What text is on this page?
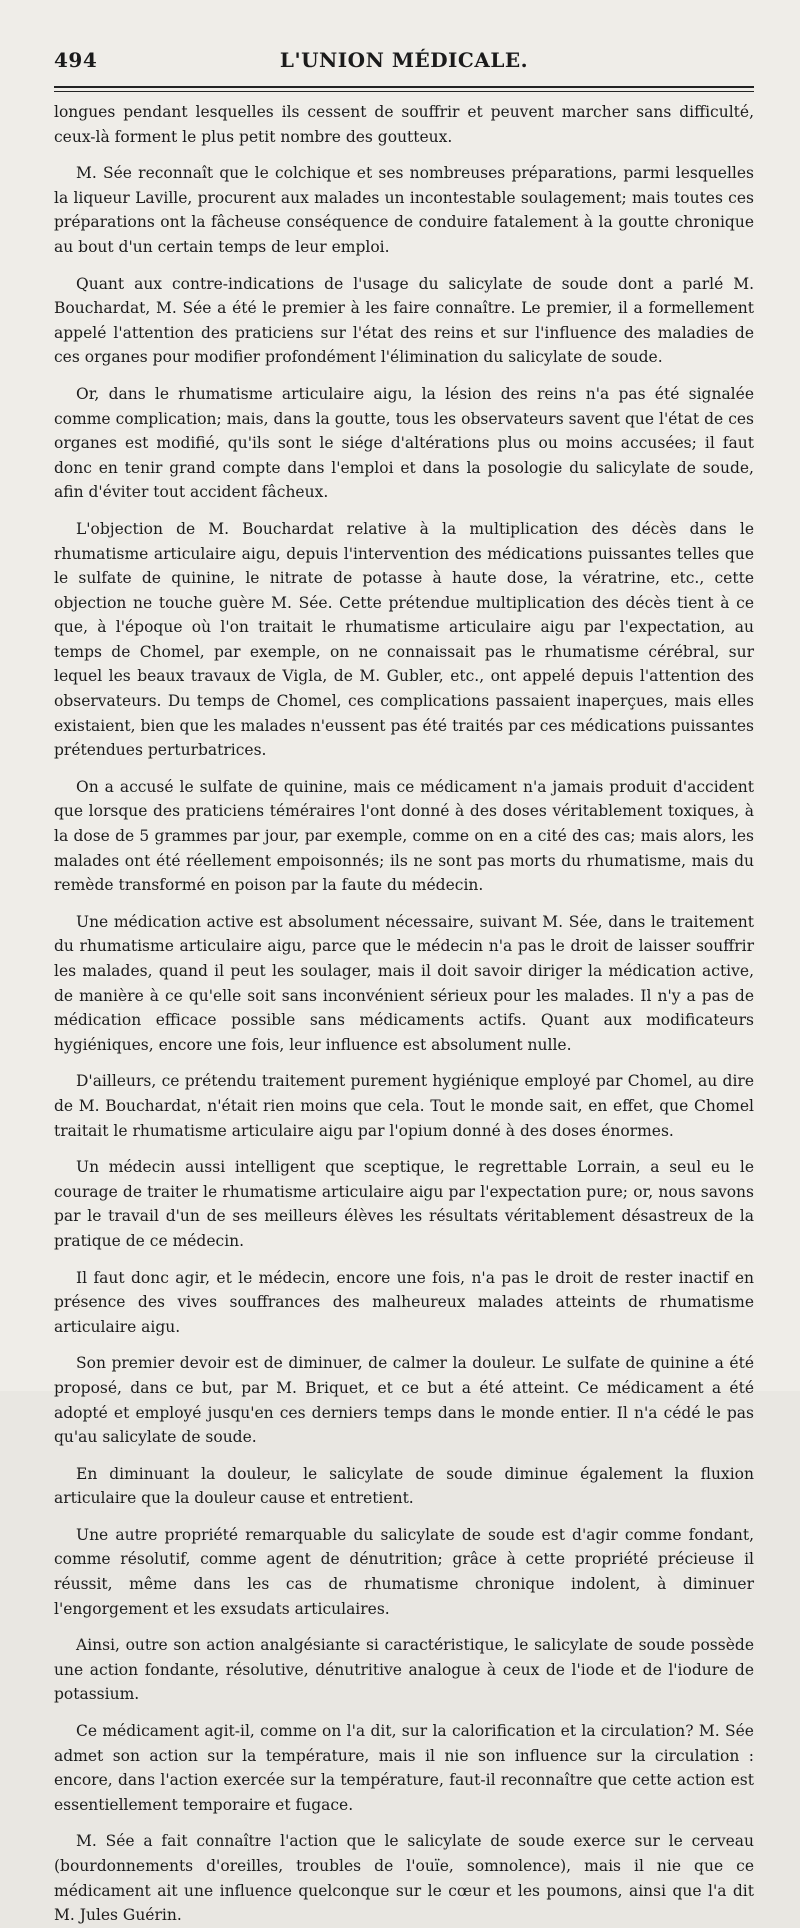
494	L'UNION MÉDICALE.

longues pendant lesquelles ils cessent de souffrir et peuvent marcher sans difficulté, ceux-là forment le plus petit nombre des goutteux.

M. Sée reconnaît que le colchique et ses nombreuses préparations, parmi lesquelles la liqueur Laville, procurent aux malades un incontestable soulagement; mais toutes ces préparations ont la fâcheuse conséquence de conduire fatalement à la goutte chronique au bout d'un certain temps de leur emploi.

Quant aux contre-indications de l'usage du salicylate de soude dont a parlé M. Bouchardat, M. Sée a été le premier à les faire connaître. Le premier, il a formellement appelé l'attention des praticiens sur l'état des reins et sur l'influence des maladies de ces organes pour modifier profondément l'élimination du salicylate de soude.

Or, dans le rhumatisme articulaire aigu, la lésion des reins n'a pas été signalée comme complication; mais, dans la goutte, tous les observateurs savent que l'état de ces organes est modifié, qu'ils sont le siége d'altérations plus ou moins accusées; il faut donc en tenir grand compte dans l'emploi et dans la posologie du salicylate de soude, afin d'éviter tout accident fâcheux.

L'objection de M. Bouchardat relative à la multiplication des décès dans le rhumatisme articulaire aigu, depuis l'intervention des médications puissantes telles que le sulfate de quinine, le nitrate de potasse à haute dose, la vératrine, etc., cette objection ne touche guère M. Sée. Cette prétendue multiplication des décès tient à ce que, à l'époque où l'on traitait le rhumatisme articulaire aigu par l'expectation, au temps de Chomel, par exemple, on ne connaissait pas le rhumatisme cérébral, sur lequel les beaux travaux de Vigla, de M. Gubler, etc., ont appelé depuis l'attention des observateurs. Du temps de Chomel, ces complications passaient inaperçues, mais elles existaient, bien que les malades n'eussent pas été traités par ces médications puissantes prétendues perturbatrices.

On a accusé le sulfate de quinine, mais ce médicament n'a jamais produit d'accident que lorsque des praticiens téméraires l'ont donné à des doses véritablement toxiques, à la dose de 5 grammes par jour, par exemple, comme on en a cité des cas; mais alors, les malades ont été réellement empoisonnés; ils ne sont pas morts du rhumatisme, mais du remède transformé en poison par la faute du médecin.

Une médication active est absolument nécessaire, suivant M. Sée, dans le traitement du rhumatisme articulaire aigu, parce que le médecin n'a pas le droit de laisser souffrir les malades, quand il peut les soulager, mais il doit savoir diriger la médication active, de manière à ce qu'elle soit sans inconvénient sérieux pour les malades. Il n'y a pas de médication efficace possible sans médicaments actifs. Quant aux modificateurs hygiéniques, encore une fois, leur influence est absolument nulle.

D'ailleurs, ce prétendu traitement purement hygiénique employé par Chomel, au dire de M. Bouchardat, n'était rien moins que cela. Tout le monde sait, en effet, que Chomel traitait le rhumatisme articulaire aigu par l'opium donné à des doses énormes.

Un médecin aussi intelligent que sceptique, le regrettable Lorrain, a seul eu le courage de traiter le rhumatisme articulaire aigu par l'expectation pure; or, nous savons par le travail d'un de ses meilleurs élèves les résultats véritablement désastreux de la pratique de ce médecin.

Il faut donc agir, et le médecin, encore une fois, n'a pas le droit de rester inactif en présence des vives souffrances des malheureux malades atteints de rhumatisme articulaire aigu.

Son premier devoir est de diminuer, de calmer la douleur. Le sulfate de quinine a été proposé, dans ce but, par M. Briquet, et ce but a été atteint. Ce médicament a été adopté et employé jusqu'en ces derniers temps dans le monde entier. Il n'a cédé le pas qu'au salicylate de soude.

En diminuant la douleur, le salicylate de soude diminue également la fluxion articulaire que la douleur cause et entretient.

Une autre propriété remarquable du salicylate de soude est d'agir comme fondant, comme résolutif, comme agent de dénutrition; grâce à cette propriété précieuse il réussit, même dans les cas de rhumatisme chronique indolent, à diminuer l'engorgement et les exsudats articulaires.

Ainsi, outre son action analgésiante si caractéristique, le salicylate de soude possède une action fondante, résolutive, dénutritive analogue à ceux de l'iode et de l'iodure de potassium.

Ce médicament agit-il, comme on l'a dit, sur la calorification et la circulation? M. Sée admet son action sur la température, mais il nie son influence sur la circulation : encore, dans l'action exercée sur la température, faut-il reconnaître que cette action est essentiellement temporaire et fugace.

M. Sée a fait connaître l'action que le salicylate de soude exerce sur le cerveau (bourdonnements d'oreilles, troubles de l'ouïe, somnolence), mais il nie que ce médicament ait une influence quelconque sur le cœur et les poumons, ainsi que l'a dit M. Jules Guérin.
